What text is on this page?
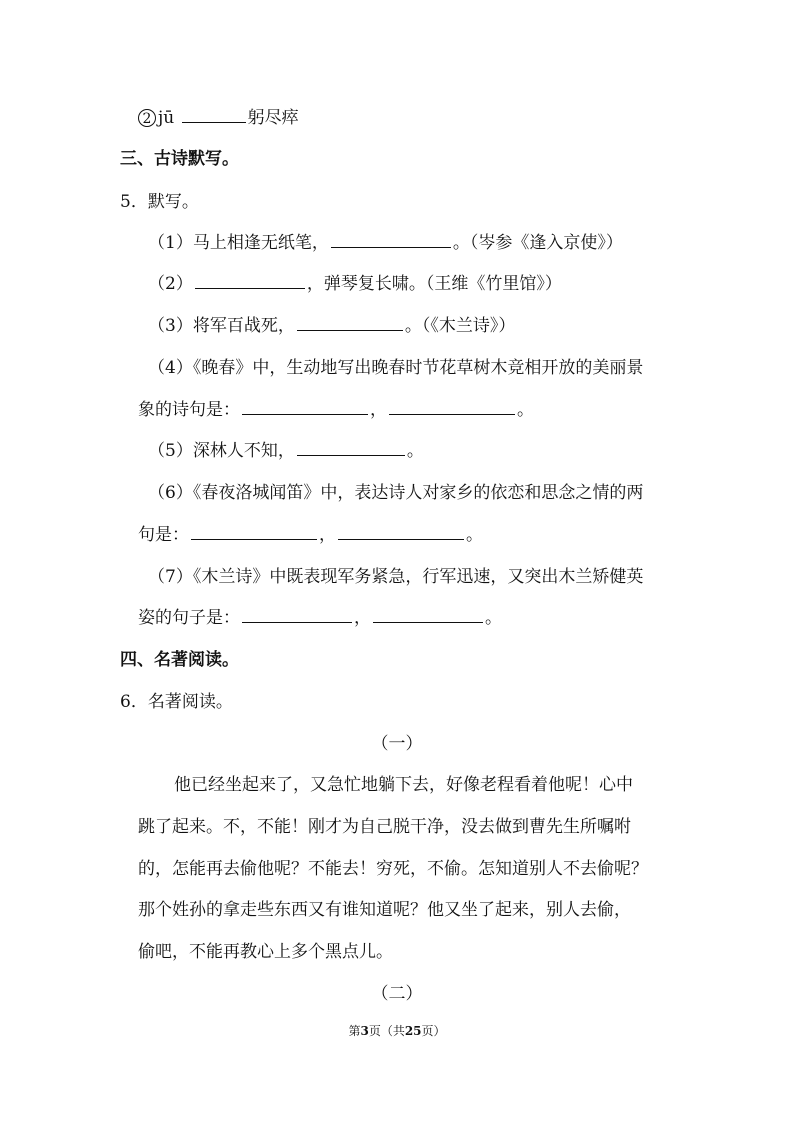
2 jū	躬尽瘁
三、古诗默写。
5．默写。
（1）马上相逢无纸笔，	。（岑参《逢入京使》）
（2）	，弹琴复长啸。（王维《竹里馆》）
（3）将军百战死，	。（《木兰诗》）
（4）《晚春》中，生动地写出晚春时节花草树木竞相开放的美丽景
象的诗句是：	，	。
（5）深林人不知，	。
（6）《春夜洛城闻笛》中，表达诗人对家乡的依恋和思念之情的两
句是：	，	。
（7）《木兰诗》中既表现军务紧急，行军迅速，又突出木兰矫健英
姿的句子是：	，	。
四、名著阅读。
6．名著阅读。
（一）
他已经坐起来了，又急忙地躺下去，好像老程看着他呢！心中
跳了起来。不，不能！刚才为自己脱干净，没去做到曹先生所嘱咐
的，怎能再去偷他呢？不能去！穷死，不偷。怎知道别人不去偷呢？
那个姓孙的拿走些东西又有谁知道呢？他又坐了起来，别人去偷，
偷吧，不能再教心上多个黑点儿。
（二）
第3页（共25页）
